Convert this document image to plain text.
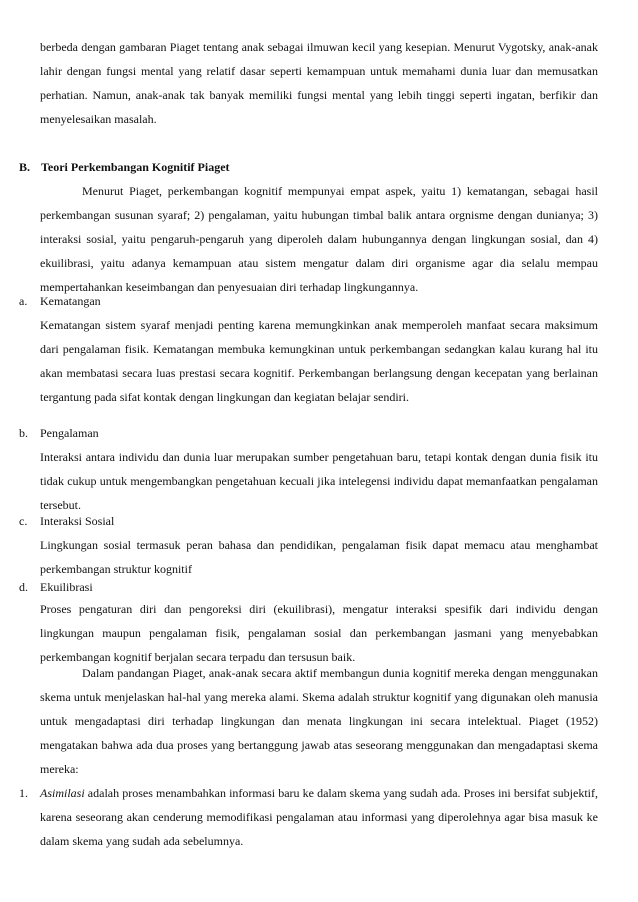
berbeda dengan gambaran Piaget tentang anak sebagai ilmuwan kecil yang kesepian. Menurut Vygotsky, anak-anak lahir dengan fungsi mental yang relatif dasar seperti kemampuan untuk memahami dunia luar dan memusatkan perhatian. Namun, anak-anak tak banyak memiliki fungsi mental yang lebih tinggi seperti ingatan, berfikir dan menyelesaikan masalah.

B. Teori Perkembangan Kognitif Piaget

Menurut Piaget, perkembangan kognitif mempunyai empat aspek, yaitu 1) kematangan, sebagai hasil perkembangan susunan syaraf; 2) pengalaman, yaitu hubungan timbal balik antara orgnisme dengan dunianya; 3) interaksi sosial, yaitu pengaruh-pengaruh yang diperoleh dalam hubungannya dengan lingkungan sosial, dan 4) ekuilibrasi, yaitu adanya kemampuan atau sistem mengatur dalam diri organisme agar dia selalu mempau mempertahankan keseimbangan dan penyesuaian diri terhadap lingkungannya.

a. Kematangan

Kematangan sistem syaraf menjadi penting karena memungkinkan anak memperoleh manfaat secara maksimum dari pengalaman fisik. Kematangan membuka kemungkinan untuk perkembangan sedangkan kalau kurang hal itu akan membatasi secara luas prestasi secara kognitif. Perkembangan berlangsung dengan kecepatan yang berlainan tergantung pada sifat kontak dengan lingkungan dan kegiatan belajar sendiri.

b. Pengalaman

Interaksi antara individu dan dunia luar merupakan sumber pengetahuan baru, tetapi kontak dengan dunia fisik itu tidak cukup untuk mengembangkan pengetahuan kecuali jika intelegensi individu dapat memanfaatkan pengalaman tersebut.

c. Interaksi Sosial

Lingkungan sosial termasuk peran bahasa dan pendidikan, pengalaman fisik dapat memacu atau menghambat perkembangan struktur kognitif

d. Ekuilibrasi

Proses pengaturan diri dan pengoreksi diri (ekuilibrasi), mengatur interaksi spesifik dari individu dengan lingkungan maupun pengalaman fisik, pengalaman sosial dan perkembangan jasmani yang menyebabkan perkembangan kognitif berjalan secara terpadu dan tersusun baik.

Dalam pandangan Piaget, anak-anak secara aktif membangun dunia kognitif mereka dengan menggunakan skema untuk menjelaskan hal-hal yang mereka alami. Skema adalah struktur kognitif yang digunakan oleh manusia untuk mengadaptasi diri terhadap lingkungan dan menata lingkungan ini secara intelektual. Piaget (1952) mengatakan bahwa ada dua proses yang bertanggung jawab atas seseorang menggunakan dan mengadaptasi skema mereka:

1. Asimilasi adalah proses menambahkan informasi baru ke dalam skema yang sudah ada. Proses ini bersifat subjektif, karena seseorang akan cenderung memodifikasi pengalaman atau informasi yang diperolehnya agar bisa masuk ke dalam skema yang sudah ada sebelumnya.
